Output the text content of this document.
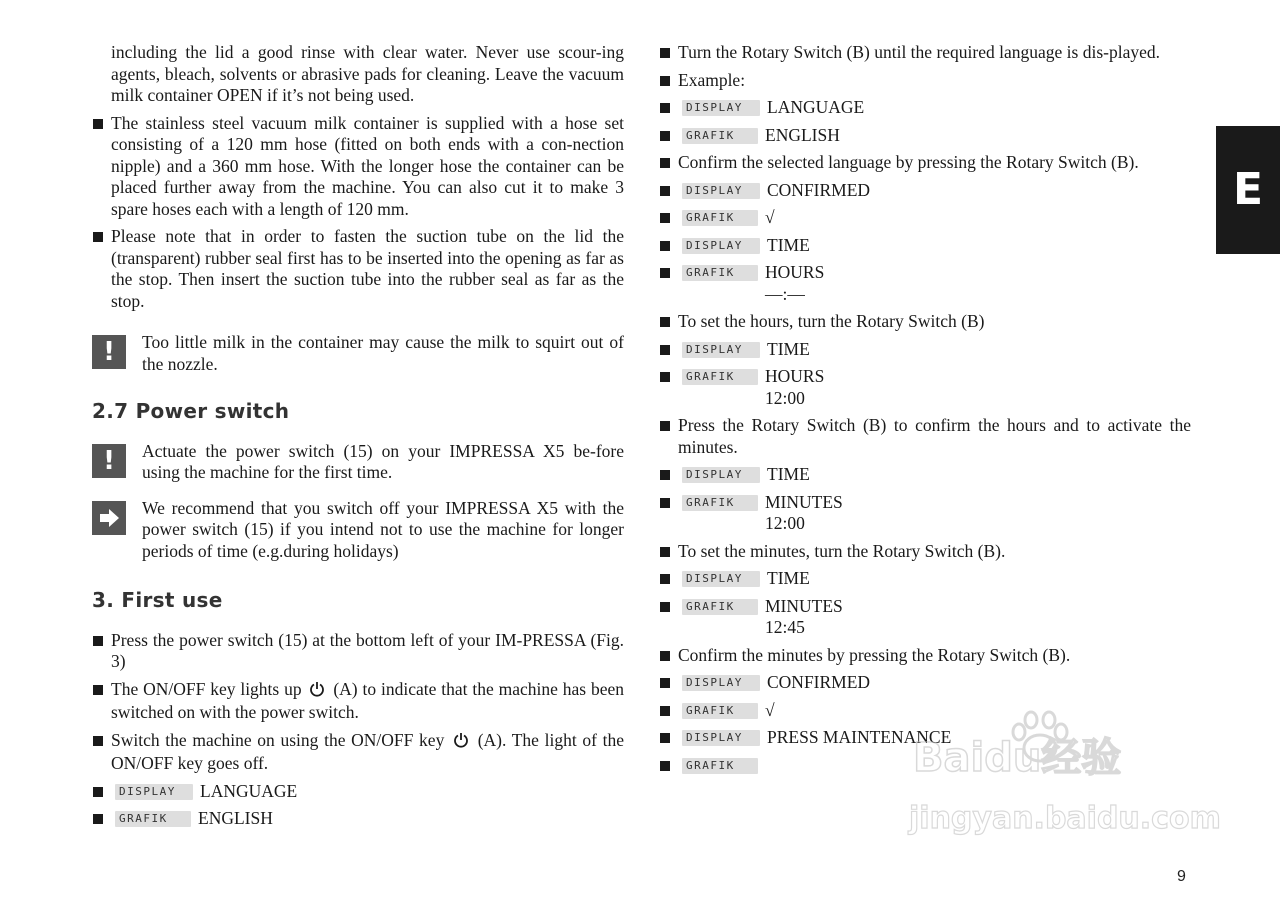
including the lid a good rinse with clear water. Never use scour-ing agents, bleach, solvents or abrasive pads for cleaning. Leave the vacuum milk container OPEN if it’s not being used.
The stainless steel vacuum milk container is supplied with a hose set consisting of a 120 mm hose (fitted on both ends with a con-nection nipple) and a 360 mm hose. With the longer hose the container can be placed further away from the machine. You can also cut it to make 3 spare hoses each with a length of 120 mm.
Please note that in order to fasten the suction tube on the lid the (transparent) rubber seal first has to be inserted into the opening as far as the stop. Then insert the suction tube into the rubber seal as far as the stop.
!	Too little milk in the container may cause the milk to squirt out of the nozzle.
2.7 Power switch
!	Actuate the power switch (15) on your IMPRESSA X5 be-fore using the machine for the first time.
We recommend that you switch off your IMPRESSA X5 with the power switch (15) if you intend not to use the machine for longer periods of time (e.g.during holidays)
3. First use
Press the power switch (15) at the bottom left of your IM-PRESSA (Fig. 3)
The ON/OFF key lights up (A) to indicate that the machine has been switched on with the power switch.
Switch the machine on using the ON/OFF key (A). The light of the ON/OFF key goes off.
DISPLAY	LANGUAGE
GRAFIK	ENGLISH
Turn the Rotary Switch (B) until the required language is dis-played.
Example:
DISPLAY	LANGUAGE
GRAFIK	ENGLISH
Confirm the selected language by pressing the Rotary Switch (B).
DISPLAY	CONFIRMED
GRAFIK	√
DISPLAY	TIME
GRAFIK	HOURS
—:—
To set the hours, turn the Rotary Switch (B)
DISPLAY	TIME
GRAFIK	HOURS
12:00
Press the Rotary Switch (B) to confirm the hours and to activate the minutes.
DISPLAY	TIME
GRAFIK	MINUTES
12:00
To set the minutes, turn the Rotary Switch (B).
DISPLAY	TIME
GRAFIK	MINUTES
12:45
Confirm the minutes by pressing the Rotary Switch (B).
DISPLAY	CONFIRMED
GRAFIK	√
DISPLAY	PRESS MAINTENANCE
GRAFIK
E
9
Baidu经验
jingyan.baidu.com
